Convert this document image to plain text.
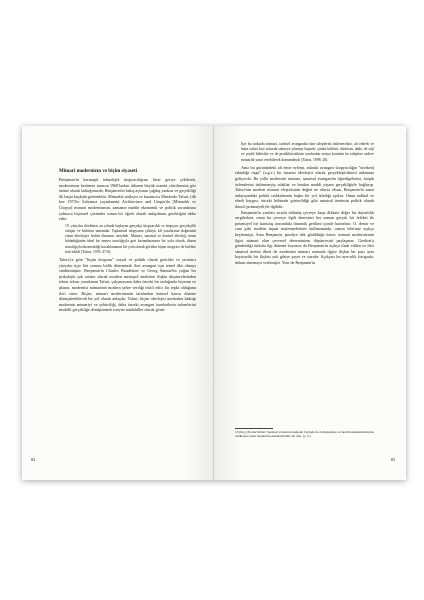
Mimari modernizm ve biçim siyaseti

Benjamin'in karmaşık teknolojik ütopyacılığına, birar geriye çekilerek, modernizme beslenen inancın 1960'lardan itibaren büyük oranda yitirilmesini göz önüne alarak baktığımızda, Benjamin'in bakış açısının çağdaş yankısı ve geçerliliği ilk başta kuşkulu görünebilir. Mimarlık tarihçisi ve kuramcısı Manfredo Tafuri, (ilk kez 1973'te İtalyanca yayınlanan) Architecture and Utopia'da [Mimarlık ve Ütopya] mimari modernizmin, zamanın madde ekonomik ve politik sorunlarına yalnızca biçimsel çözümler sunan bir öğreti olarak anlaşılması gerektiğini iddia eder:

19. yüzyılın dördüncü on yılında başlayan gerçekçi ütopyacılık ve ütopyacı gerçekçilik örtüşür ve birbirini tamamlar. Toplumsal ütopyanın çöküşü, klt yasalarının doğasında yatan ideolojiye teslim olmasını onayladı. Mimari, sanatsal ve kentsel ideoloji, insan bütünlüğünün ideal bir sentez aracılığıyla geri kazanılmasının bir yolu olarak, düzen aracılığıyla düzensizliği kucaklamanın bir yolu olarak görülen biçim ütopyası ile birlikte terk edildi (Tafuri, 1976: 47-8).

Tafuri'ye göre "biçim ütopyası" sosyal ve politik olarak gericidir ve yirminci yüzyılın üçte biri sonrası birlik döneminde ileri avangart için temel ilke olmayı sürdürmüştür. Benjamin'in Charles Baudelaire ve Georg Simmel'in yoğun bir psikolojik şok ortamı olarak modern metropol analizine ilişkin düşüncelerinden tekrar tekrar yararlanan Tafuri, çalışmasının daha önceki bir taslağında biçimin ve planın, modernist mimarinin modern şehre verdiği telafi edici bir tepki olduğunu ileri sürer. Biçim, mimari modernizmin tarafından kentsel kaosu düzene dönüştürebilecek bir yol olarak anlaşılır. Tafuri, biçim ideolojisi üzerinden baktığı modernist mimariyi ve şehirciliği, daha önceki avangart hareketlerin özlemlerini modelli gerçekliğe dönüştürmek isteyen müdahiller olarak görür:

82

İşte bu noktada mimari, tarihsel avangardın tüm taleplerini üstlenecektir, alt ederek ve hatta onları kriz sokarak sahneye çıkmayı başardı; çünkü kültürü, fütürizm, dada, de stijl ve çeşitli kübistler ve de prodüktivistlerin tarafından ortaya konulan bu taleplere sadece mimarlık yanıt verebilecek konumdaydı (Tafuri, 1998: 20).

Ama bu görünürdeki alt etme eylemi, aslında avangart ütopyacılığın "üretken) etkinliğe özgü" (a.g.e.) bir tasarım ideolojisi olarak gerçekleştirilmesi anlamına geliyordu. Bu yolla modernist mimari, sanatsal avangardın öğretilgelerini, ütopik özlemlerini üstlenmeyip odaklar ve bunları maddi yaşam gerçekliğiyle bağlayıp. Tafuri'nin modern mimari eleştirisinin değeri ne olursa olsun, Benjamin'in sanat anlayışındaki politik radikalizmin başka bir yol izlediği açıktır. Onun radikal ve ebedi kaygısı, önceki bölümde gösterildiği gibi sanatsal üretimin politik olarak ikincil potansiyeliyle ilgilidir.

Benjamin'in yazıları ısrarla ödüntüş çevreye karşı dikkate değer bir duyarlılık sergilerken, onun bu çevreye ilgili deneyimi her zaman gerçek bir feleket ile potansiyel bir kurtuluş arasındaki dinamik gerilimi içinde barındırır. O, demir ve cam gibi modern inşaat malzemelerinin kullanımında, camın teleriniz açıkça keşfetmişti. Ama Benjamin, şimdiye dek görüldüğü üzere, mimari modernizmin ilgisi mimari olan çevresel determinizm düşüncesini paylaşmaz. Giedion'a gönderdiği tutkulu ilgi dönemi boyunca da Benjamin'in açıkça ifade edilen ve ileri sanatsal üretim ilkeri de modernist mimarı arasında ilgiye ilişkin bir payı aynı kayıtsızlık bir ilişkisi yok gibiye şayet ve yazıdır. Açıkçası bu ayrıcalık fotografa, dahası sinemaya verilmiştir. Yine de Benjamin'in

13 [Ing.] Productivism: Sanatsal yaratımın değerini faydada ile özdeşleştiren ve üretim mekanizmalarına odaklanan sanat hareketi konstrüktivizmin bir dalı. (ç. n.)
83
